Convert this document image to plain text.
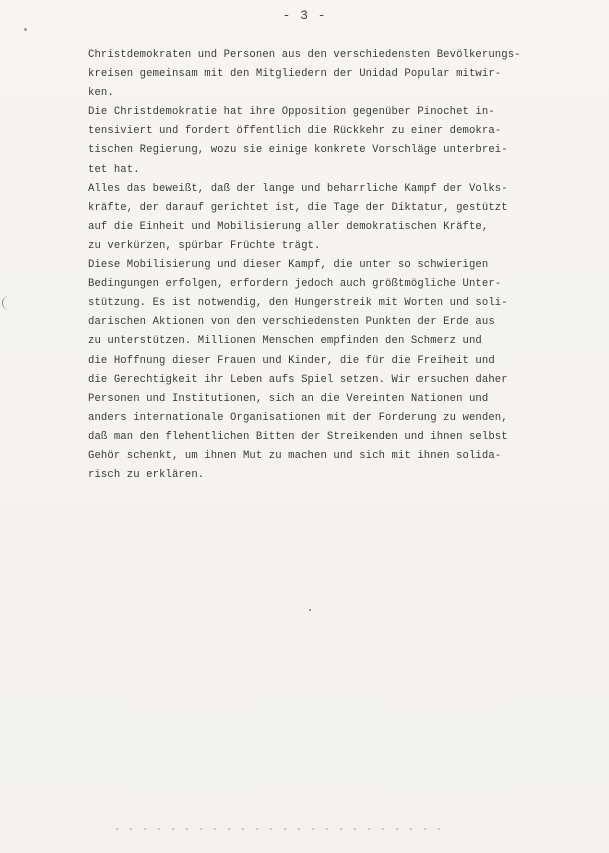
- 3 -
Christdemokraten und Personen aus den verschiedensten Bevölkerungs-
kreisen gemeinsam mit den Mitgliedern der Unidad Popular mitwir-
ken.
Die Christdemokratie hat ihre Opposition gegenüber Pinochet in-
tensiviert und fordert öffentlich die Rückkehr zu einer demokra-
tischen Regierung, wozu sie einige konkrete Vorschläge unterbrei-
tet hat.
Alles das beweißt, daß der lange und beharrliche Kampf der Volks-
kräfte, der darauf gerichtet ist, die Tage der Diktatur, gestützt
auf die Einheit und Mobilisierung aller demokratischen Kräfte,
zu verkürzen, spürbar Früchte trägt.
Diese Mobilisierung und dieser Kampf, die unter so schwierigen
Bedingungen erfolgen, erfordern jedoch auch größtmögliche Unter-
stützung. Es ist notwendig, den Hungerstreik mit Worten und soli-
darischen Aktionen von den verschiedensten Punkten der Erde aus
zu unterstützen. Millionen Menschen empfinden den Schmerz und
die Hoffnung dieser Frauen und Kinder, die für die Freiheit und
die Gerechtigkeit ihr Leben aufs Spiel setzen. Wir ersuchen daher
Personen und Institutionen, sich an die Vereinten Nationen und
anders internationale Organisationen mit der Forderung zu wenden,
daß man den flehentlichen Bitten der Streikenden und ihnen selbst
Gehör schenkt, um ihnen Mut zu machen und sich mit ihnen solida-
risch zu erklären.
